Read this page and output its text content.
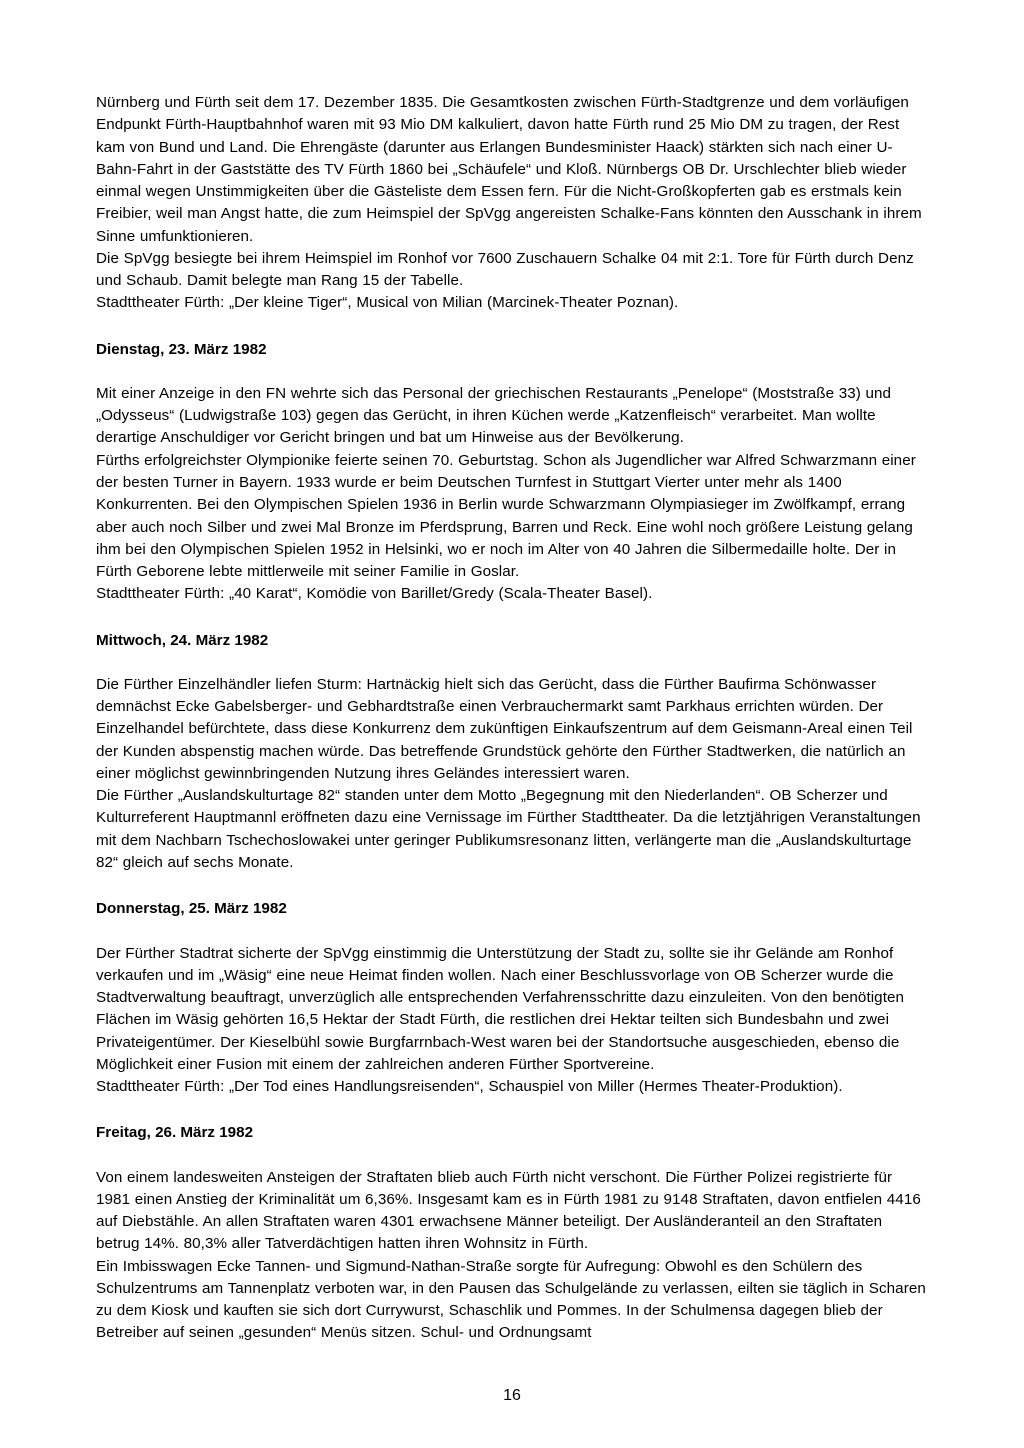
Nürnberg und Fürth seit dem 17. Dezember 1835. Die Gesamtkosten zwischen Fürth-Stadtgrenze und dem vorläufigen Endpunkt Fürth-Hauptbahnhof waren mit 93 Mio DM kalkuliert, davon hatte Fürth rund 25 Mio DM zu tragen, der Rest kam von Bund und Land. Die Ehrengäste (darunter aus Erlangen Bundesminister Haack) stärkten sich nach einer U-Bahn-Fahrt in der Gaststätte des TV Fürth 1860 bei „Schäufele“ und Kloß. Nürnbergs OB Dr. Urschlechter blieb wieder einmal wegen Unstimmigkeiten über die Gästeliste dem Essen fern. Für die Nicht-Großkopferten gab es erstmals kein Freibier, weil man Angst hatte, die zum Heimspiel der SpVgg angereisten Schalke-Fans könnten den Ausschank in ihrem Sinne umfunktionieren.

Die SpVgg besiegte bei ihrem Heimspiel im Ronhof vor 7600 Zuschauern Schalke 04 mit 2:1. Tore für Fürth durch Denz und Schaub. Damit belegte man Rang 15 der Tabelle.

Stadttheater Fürth: „Der kleine Tiger“, Musical von Milian (Marcinek-Theater Poznan).

Dienstag, 23. März 1982

Mit einer Anzeige in den FN wehrte sich das Personal der griechischen Restaurants „Penelope“ (Moststraße 33) und „Odysseus“ (Ludwigstraße 103) gegen das Gerücht, in ihren Küchen werde „Katzenfleisch“ verarbeitet. Man wollte derartige Anschuldiger vor Gericht bringen und bat um Hinweise aus der Bevölkerung.

Fürths erfolgreichster Olympionike feierte seinen 70. Geburtstag. Schon als Jugendlicher war Alfred Schwarzmann einer der besten Turner in Bayern. 1933 wurde er beim Deutschen Turnfest in Stuttgart Vierter unter mehr als 1400 Konkurrenten. Bei den Olympischen Spielen 1936 in Berlin wurde Schwarzmann Olympiasieger im Zwölfkampf, errang aber auch noch Silber und zwei Mal Bronze im Pferdsprung, Barren und Reck. Eine wohl noch größere Leistung gelang ihm bei den Olympischen Spielen 1952 in Helsinki, wo er noch im Alter von 40 Jahren die Silbermedaille holte. Der in Fürth Geborene lebte mittlerweile mit seiner Familie in Goslar.

Stadttheater Fürth: „40 Karat“, Komödie von Barillet/Gredy (Scala-Theater Basel).

Mittwoch, 24. März 1982

Die Fürther Einzelhändler liefen Sturm: Hartnäckig hielt sich das Gerücht, dass die Fürther Baufirma Schönwasser demnächst Ecke Gabelsberger- und Gebhardtstraße einen Verbrauchermarkt samt Parkhaus errichten würden. Der Einzelhandel befürchtete, dass diese Konkurrenz dem zukünftigen Einkaufszentrum auf dem Geismann-Areal einen Teil der Kunden abspenstig machen würde. Das betreffende Grundstück gehörte den Fürther Stadtwerken, die natürlich an einer möglichst gewinnbringenden Nutzung ihres Geländes interessiert waren.

Die Fürther „Auslandskulturtage 82“ standen unter dem Motto „Begegnung mit den Niederlanden“. OB Scherzer und Kulturreferent Hauptmannl eröffneten dazu eine Vernissage im Fürther Stadttheater. Da die letztjährigen Veranstaltungen mit dem Nachbarn Tschechoslowakei unter geringer Publikumsresonanz litten, verlängerte man die „Auslandskulturtage 82“ gleich auf sechs Monate.

Donnerstag, 25. März 1982

Der Fürther Stadtrat sicherte der SpVgg einstimmig die Unterstützung der Stadt zu, sollte sie ihr Gelände am Ronhof verkaufen und im „Wäsig“ eine neue Heimat finden wollen. Nach einer Beschlussvorlage von OB Scherzer wurde die Stadtverwaltung beauftragt, unverzüglich alle entsprechenden Verfahrensschritte dazu einzuleiten. Von den benötigten Flächen im Wäsig gehörten 16,5 Hektar der Stadt Fürth, die restlichen drei Hektar teilten sich Bundesbahn und zwei Privateigentümer. Der Kieselbühl sowie Burgfarrnbach-West waren bei der Standortsuche ausgeschieden, ebenso die Möglichkeit einer Fusion mit einem der zahlreichen anderen Fürther Sportvereine.

Stadttheater Fürth: „Der Tod eines Handlungsreisenden“, Schauspiel von Miller (Hermes Theater-Produktion).

Freitag, 26. März 1982

Von einem landesweiten Ansteigen der Straftaten blieb auch Fürth nicht verschont. Die Fürther Polizei registrierte für 1981 einen Anstieg der Kriminalität um 6,36%. Insgesamt kam es in Fürth 1981 zu 9148 Straftaten, davon entfielen 4416 auf Diebstähle. An allen Straftaten waren 4301 erwachsene Männer beteiligt. Der Ausländeranteil an den Straftaten betrug 14%. 80,3% aller Tatverdächtigen hatten ihren Wohnsitz in Fürth.

Ein Imbisswagen Ecke Tannen- und Sigmund-Nathan-Straße sorgte für Aufregung: Obwohl es den Schülern des Schulzentrums am Tannenplatz verboten war, in den Pausen das Schulgelände zu verlassen, eilten sie täglich in Scharen zu dem Kiosk und kauften sie sich dort Currywurst, Schaschlik und Pommes. In der Schulmensa dagegen blieb der Betreiber auf seinen „gesunden“ Menüs sitzen. Schul- und Ordnungsamt

16
